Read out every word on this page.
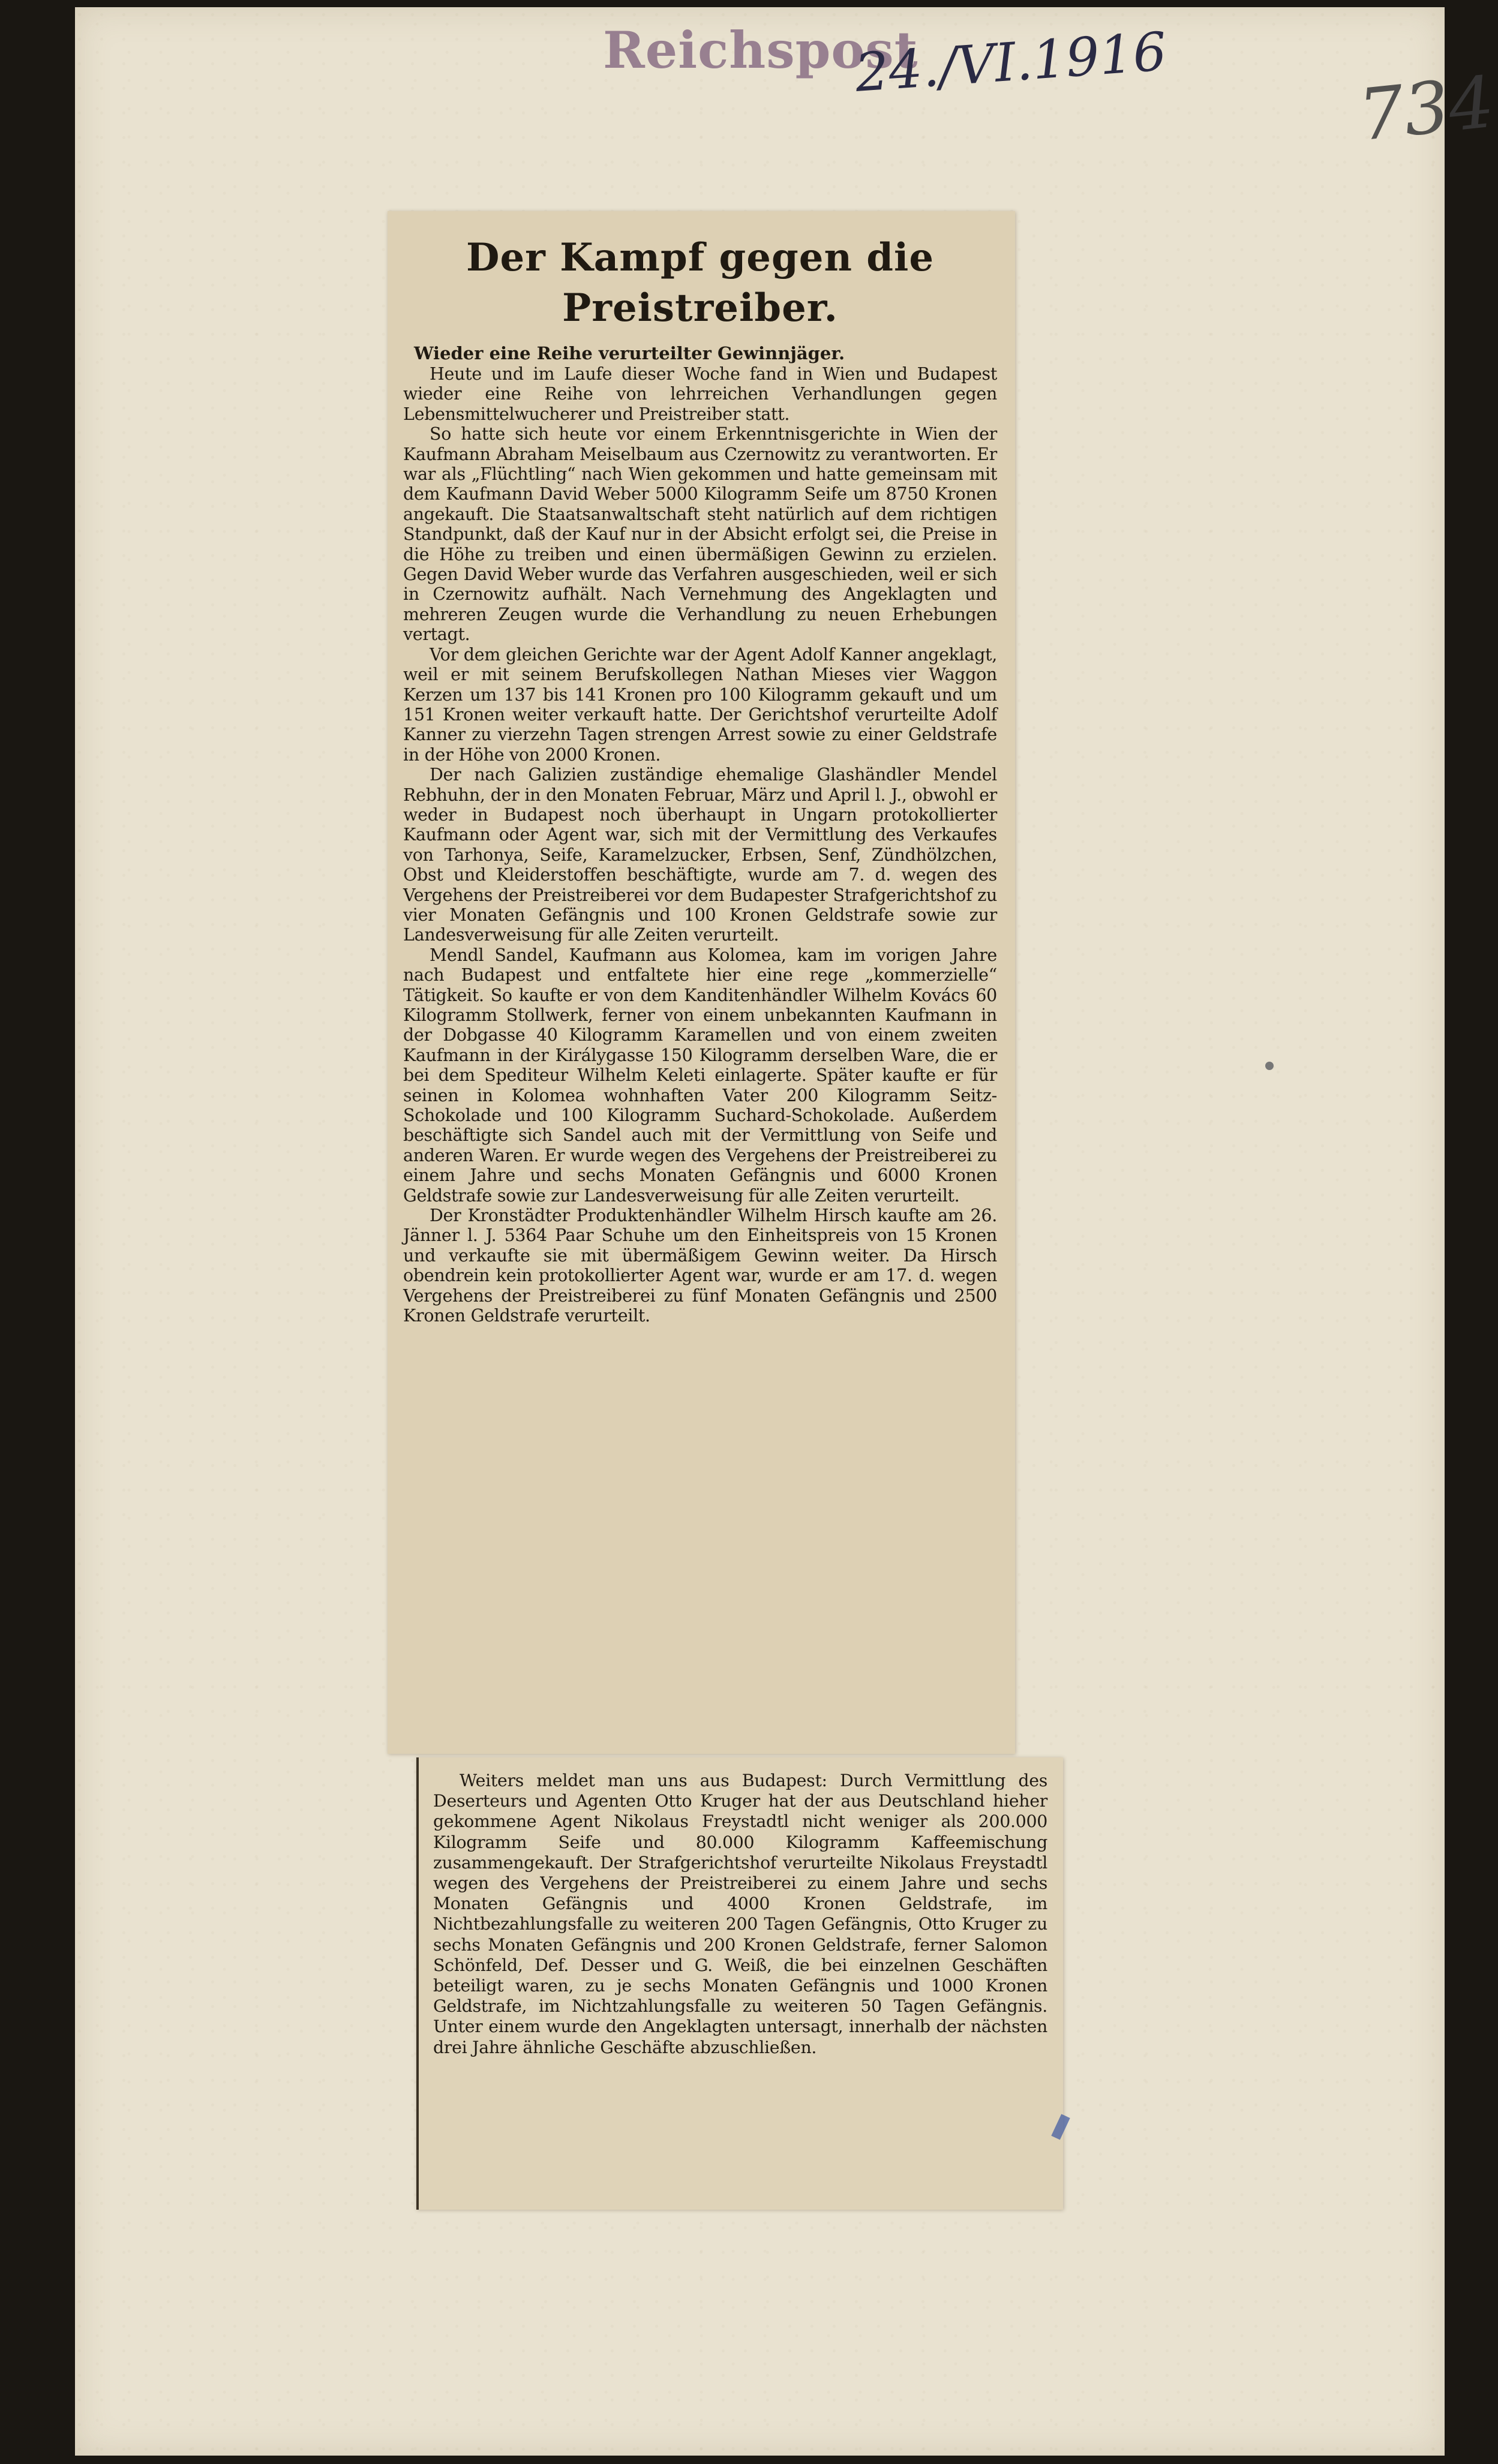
Reichspost
24./VI.1916	734
Der Kampf gegen die Preistreiber.
Wieder eine Reihe verurteilter Gewinnjäger.

Heute und im Laufe dieser Woche fand in Wien und Budapest wieder eine Reihe von lehrreichen Verhandlungen gegen Lebensmittelwucherer und Preistreiber statt.

So hatte sich heute vor einem Erkenntnisgerichte in Wien der Kaufmann Abraham Meiselbaum aus Czernowitz zu verantworten. Er war als „Flüchtling“ nach Wien gekommen und hatte gemeinsam mit dem Kaufmann David Weber 5000 Kilogramm Seife um 8750 Kronen angekauft. Die Staatsanwaltschaft steht natürlich auf dem richtigen Standpunkt, daß der Kauf nur in der Absicht erfolgt sei, die Preise in die Höhe zu treiben und einen übermäßigen Gewinn zu erzielen. Gegen David Weber wurde das Verfahren ausgeschieden, weil er sich in Czernowitz aufhält. Nach Vernehmung des Angeklagten und mehreren Zeugen wurde die Verhandlung zu neuen Erhebungen vertagt.

Vor dem gleichen Gerichte war der Agent Adolf Kanner angeklagt, weil er mit seinem Berufskollegen Nathan Mieses vier Waggon Kerzen um 137 bis 141 Kronen pro 100 Kilogramm gekauft und um 151 Kronen weiter verkauft hatte. Der Gerichtshof verurteilte Adolf Kanner zu vierzehn Tagen strengen Arrest sowie zu einer Geldstrafe in der Höhe von 2000 Kronen.

Der nach Galizien zuständige ehemalige Glashändler Mendel Rebhuhn, der in den Monaten Februar, März und April l. J., obwohl er weder in Budapest noch überhaupt in Ungarn protokollierter Kaufmann oder Agent war, sich mit der Vermittlung des Verkaufes von Tarhonya, Seife, Karamelzucker, Erbsen, Senf, Zündhölzchen, Obst und Kleiderstoffen beschäftigte, wurde am 7. d. wegen des Vergehens der Preistreiberei vor dem Budapester Strafgerichtshof zu vier Monaten Gefängnis und 100 Kronen Geldstrafe sowie zur Landesverweisung für alle Zeiten verurteilt.

Mendl Sandel, Kaufmann aus Kolomea, kam im vorigen Jahre nach Budapest und entfaltete hier eine rege „kommerzielle“ Tätigkeit. So kaufte er von dem Kanditenhändler Wilhelm Kovács 60 Kilogramm Stollwerk, ferner von einem unbekannten Kaufmann in der Dobgasse 40 Kilogramm Karamellen und von einem zweiten Kaufmann in der Királygasse 150 Kilogramm derselben Ware, die er bei dem Spediteur Wilhelm Keleti einlagerte. Später kaufte er für seinen in Kolomea wohnhaften Vater 200 Kilogramm Seitz-Schokolade und 100 Kilogramm Suchard-Schokolade. Außerdem beschäftigte sich Sandel auch mit der Vermittlung von Seife und anderen Waren. Er wurde wegen des Vergehens der Preistreiberei zu einem Jahre und sechs Monaten Gefängnis und 6000 Kronen Geldstrafe sowie zur Landesverweisung für alle Zeiten verurteilt.

Der Kronstädter Produktenhändler Wilhelm Hirsch kaufte am 26. Jänner l. J. 5364 Paar Schuhe um den Einheitspreis von 15 Kronen und verkaufte sie mit übermäßigem Gewinn weiter. Da Hirsch obendrein kein protokollierter Agent war, wurde er am 17. d. wegen Vergehens der Preistreiberei zu fünf Monaten Gefängnis und 2500 Kronen Geldstrafe verurteilt.

Weiters meldet man uns aus Budapest: Durch Vermittlung des Deserteurs und Agenten Otto Kruger hat der aus Deutschland hieher gekommene Agent Nikolaus Freystadtl nicht weniger als 200.000 Kilogramm Seife und 80.000 Kilogramm Kaffeemischung zusammengekauft. Der Strafgerichtshof verurteilte Nikolaus Freystadtl wegen des Vergehens der Preistreiberei zu einem Jahre und sechs Monaten Gefängnis und 4000 Kronen Geldstrafe, im Nichtbezahlungsfalle zu weiteren 200 Tagen Gefängnis, Otto Kruger zu sechs Monaten Gefängnis und 200 Kronen Geldstrafe, ferner Salomon Schönfeld, Def. Desser und G. Weiß, die bei einzelnen Geschäften beteiligt waren, zu je sechs Monaten Gefängnis und 1000 Kronen Geldstrafe, im Nichtzahlungsfalle zu weiteren 50 Tagen Gefängnis. Unter einem wurde den Angeklagten untersagt, innerhalb der nächsten drei Jahre ähnliche Geschäfte abzuschließen.
